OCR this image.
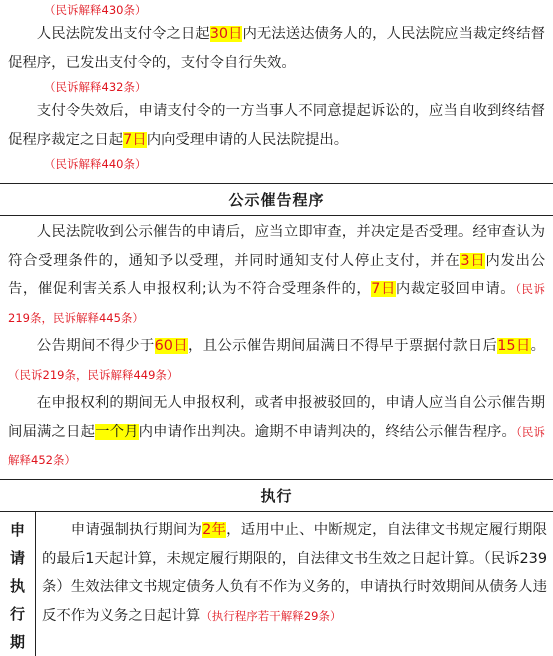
（民诉解释430条）

人民法院发出支付令之日起30日内无法送达债务人的，人民法院应当裁定终结督促程序，已发出支付令的，支付令自行失效。

（民诉解释432条）

支付令失效后，申请支付令的一方当事人不同意提起诉讼的，应当自收到终结督促程序裁定之日起7日内向受理申请的人民法院提出。

（民诉解释440条）
公示催告程序

人民法院收到公示催告的申请后，应当立即审查，并决定是否受理。经审查认为符合受理条件的，通知予以受理，并同时通知支付人停止支付，并在3日内发出公告，催促利害关系人申报权利;认为不符合受理条件的，7日内裁定驳回申请。（民诉219条，民诉解释445条）

公告期间不得少于60日，且公示催告期间届满日不得早于票据付款日后15日。（民诉219条，民诉解释449条）

在申报权利的期间无人申报权利，或者申报被驳回的，申请人应当自公示催告期间届满之日起一个月内申请作出判决。逾期不申请判决的，终结公示催告程序。（民诉解释452条）

执行
申
请
执
行
期

申请强制执行期间为2年，适用中止、中断规定，自法律文书规定履行期限的最后1天起计算，未规定履行期限的，自法律文书生效之日起计算。（民诉239条）生效法律文书规定债务人负有不作为义务的，申请执行时效期间从债务人违反不作为义务之日起计算（执行程序若干解释29条）
